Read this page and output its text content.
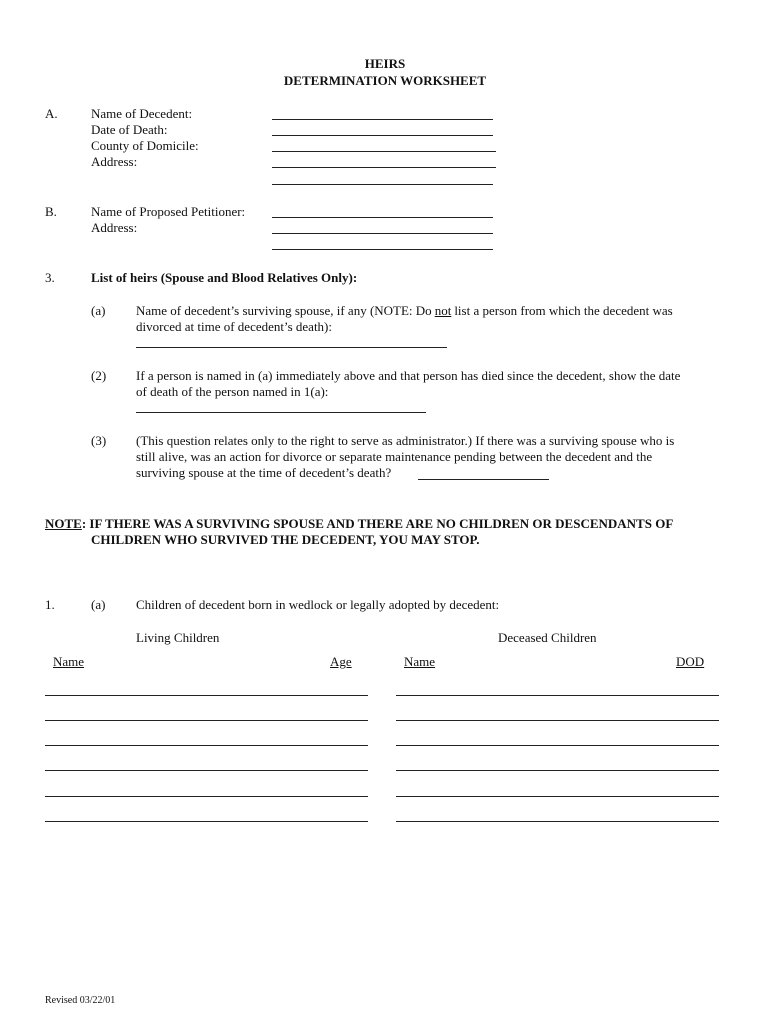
HEIRS
DETERMINATION WORKSHEET
A.	Name of Decedent:
Date of Death:
County of Domicile:
Address:
B.	Name of Proposed Petitioner:
Address:
3.	List of heirs (Spouse and Blood Relatives Only):
(a) Name of decedent’s surviving spouse, if any (NOTE: Do not list a person from which the decedent was
divorced at time of decedent’s death):
(2) If a person is named in (a) immediately above and that person has died since the decedent, show the date
of death of the person named in 1(a):
(3) (This question relates only to the right to serve as administrator.) If there was a surviving spouse who is
still alive, was an action for divorce or separate maintenance pending between the decedent and the
surviving spouse at the time of decedent’s death?
NOTE: IF THERE WAS A SURVIVING SPOUSE AND THERE ARE NO CHILDREN OR DESCENDANTS OF
CHILDREN WHO SURVIVED THE DECEDENT, YOU MAY STOP.
1.	(a) Children of decedent born in wedlock or legally adopted by decedent:
Living Children	Deceased Children
Name	Age	Name	DOD
Revised 03/22/01
